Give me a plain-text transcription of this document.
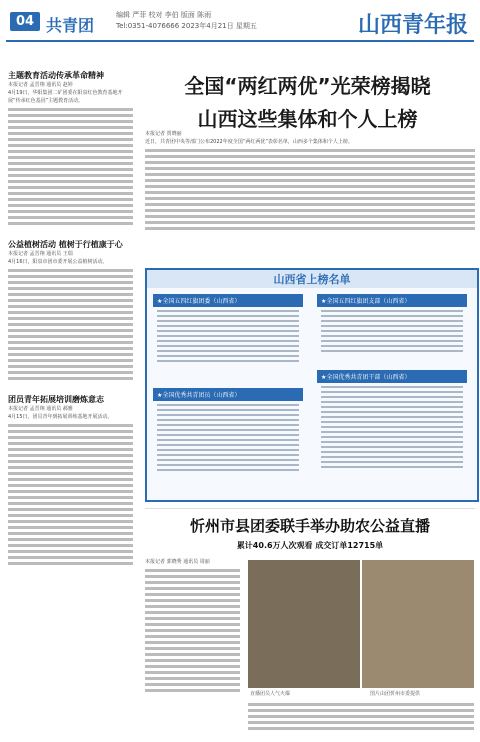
04 共青团
编辑 严菲 校对 李伯 版面 陈雨
Tel:0351-4076666 2023年4月21日 星期五	山西青年报
主题教育活动传承革命精神
本报记者 孟晋翔 通讯员 赵婷
4月19日，华阳集团二矿团委在阳泉红色教育基地开展“传承红色基因”主题教育活动。
公益植树活动 植树于行植康于心
本报记者 孟晋翔 通讯员 王瑞
4月16日，阳泉市团市委开展公益植树活动。
团员青年拓展培训磨炼意志
本报记者 孟晋翔 通讯员 郝雅
4月15日，团员青年到拓展训练基地开展活动。
全国“两红两优”光荣榜揭晓
山西这些集体和个人上榜
本报记者 贾晓丽
近日，共青团中央等部门公布2022年度全国“两红两优”表彰名单，山西多个集体和个人上榜。
山西省上榜名单
★全国五四红旗团委（山西省）	★全国五四红旗团支部（山西省）
★全国优秀共青团员（山西省）
★全国优秀共青团干部（山西省）
忻州市县团委联手举办助农公益直播
累计40.6万人次观看 成交订单12715单
本报记者 郭晓秀 通讯员 周丽
直播团员人气火爆	图片由团忻州市委提供
